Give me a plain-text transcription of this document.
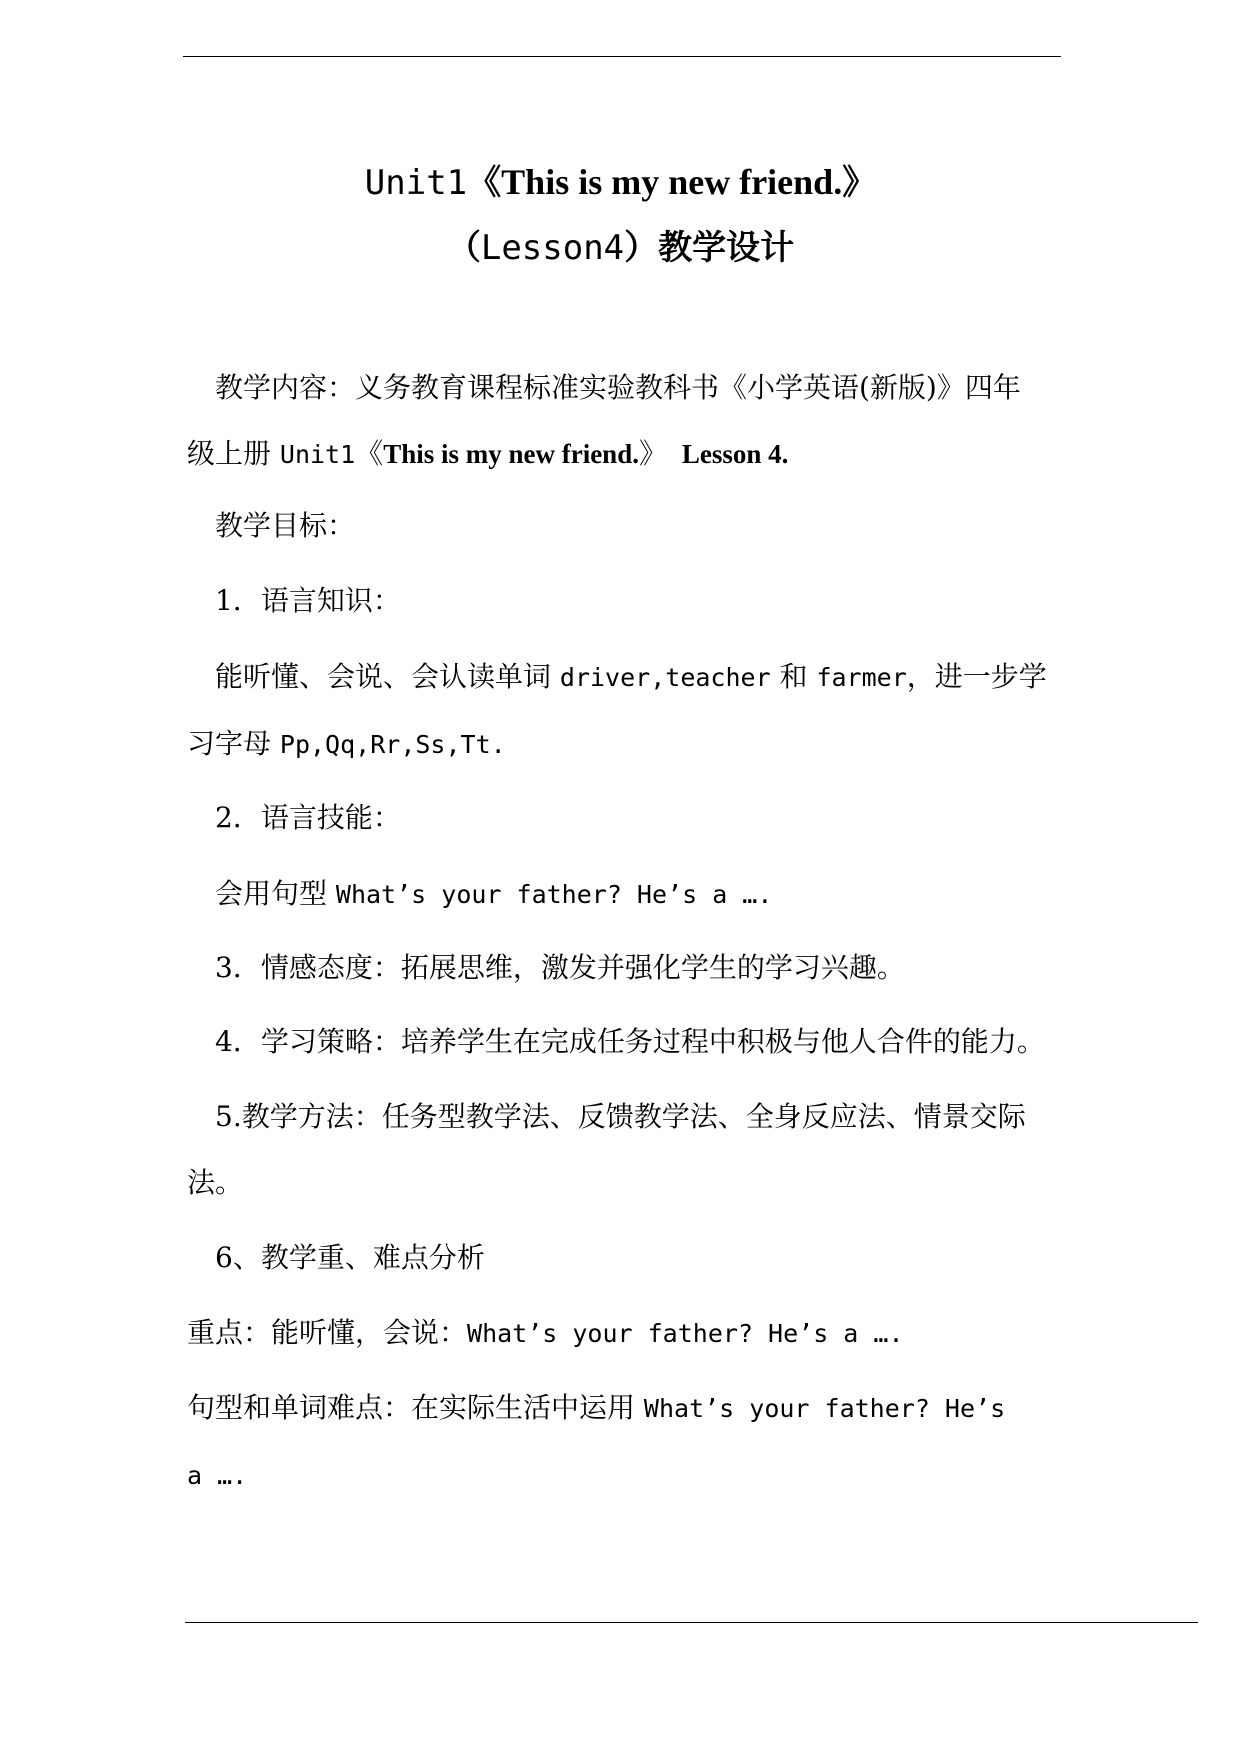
Unit1《This is my new friend.》
（Lesson4）教学设计
教学内容：义务教育课程标准实验教科书《小学英语(新版)》四年
级上册 Unit1《This is my new friend.》 Lesson 4.
教学目标：
1．语言知识：
能听懂、会说、会认读单词 driver,teacher 和 farmer，进一步学
习字母 Pp,Qq,Rr,Ss,Tt.
2．语言技能：
会用句型 What’s your father? He’s a ….
3．情感态度：拓展思维，激发并强化学生的学习兴趣。
4．学习策略：培养学生在完成任务过程中积极与他人合件的能力。
5.教学方法：任务型教学法、反馈教学法、全身反应法、情景交际
法。
6、教学重、难点分析
重点：能听懂，会说：What’s your father? He’s a ….
句型和单词难点：在实际生活中运用 What’s your father? He’s
a ….
